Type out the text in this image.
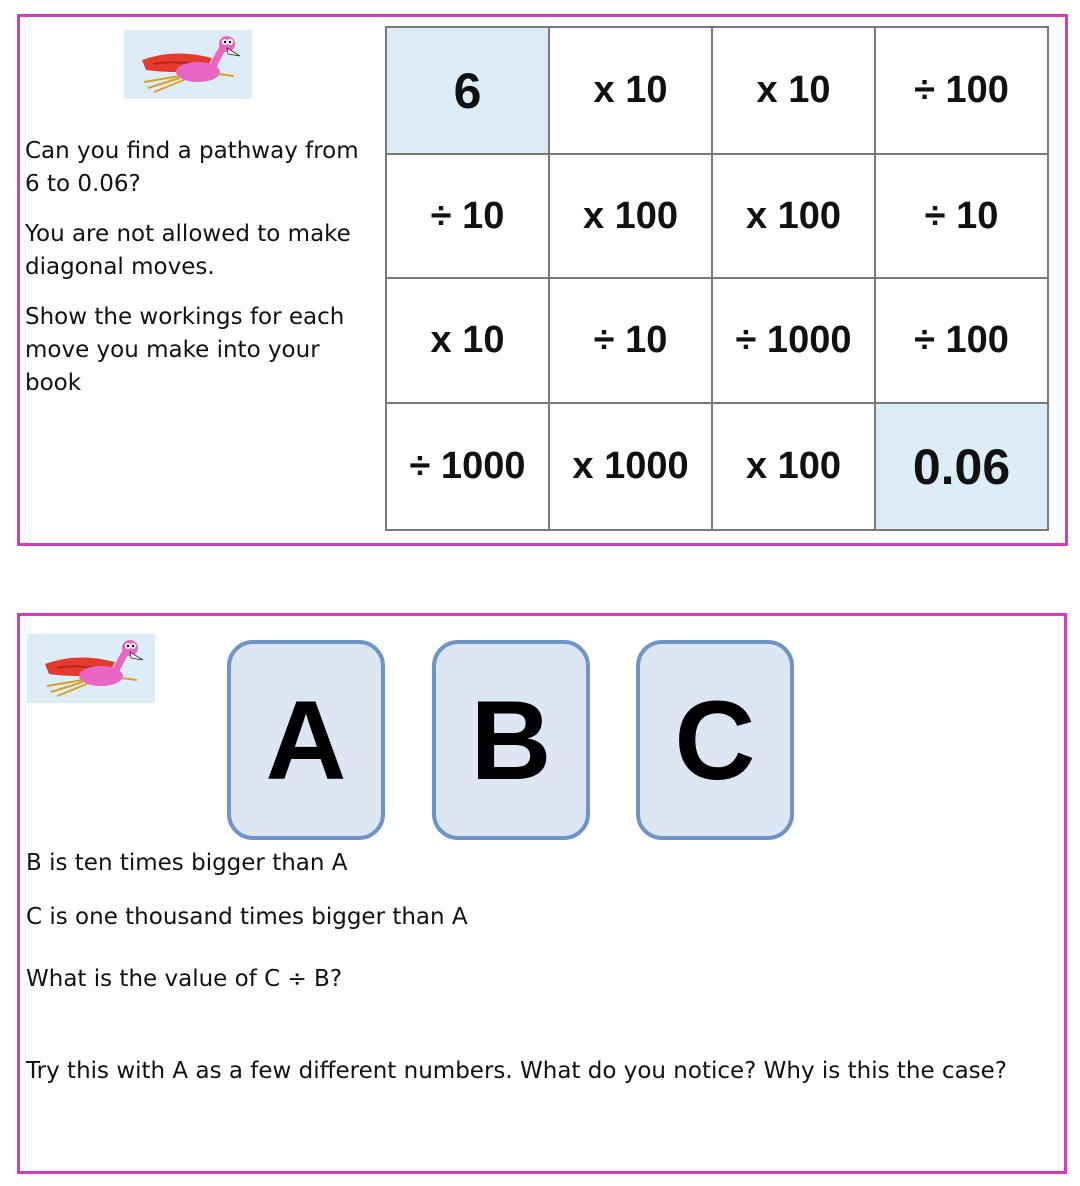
Can you find a pathway from 6 to 0.06?

You are not allowed to make diagonal moves.

Show the workings for each move you make into your book

6	x 10	x 10	÷ 100
÷ 10	x 100	x 100	÷ 10
x 10	÷ 10	÷ 1000	÷ 100
÷ 1000	x 1000	x 100	0.06
A	B	C

B is ten times bigger than A

C is one thousand times bigger than A

What is the value of C ÷ B?

Try this with A as a few different numbers. What do you notice? Why is this the case?
